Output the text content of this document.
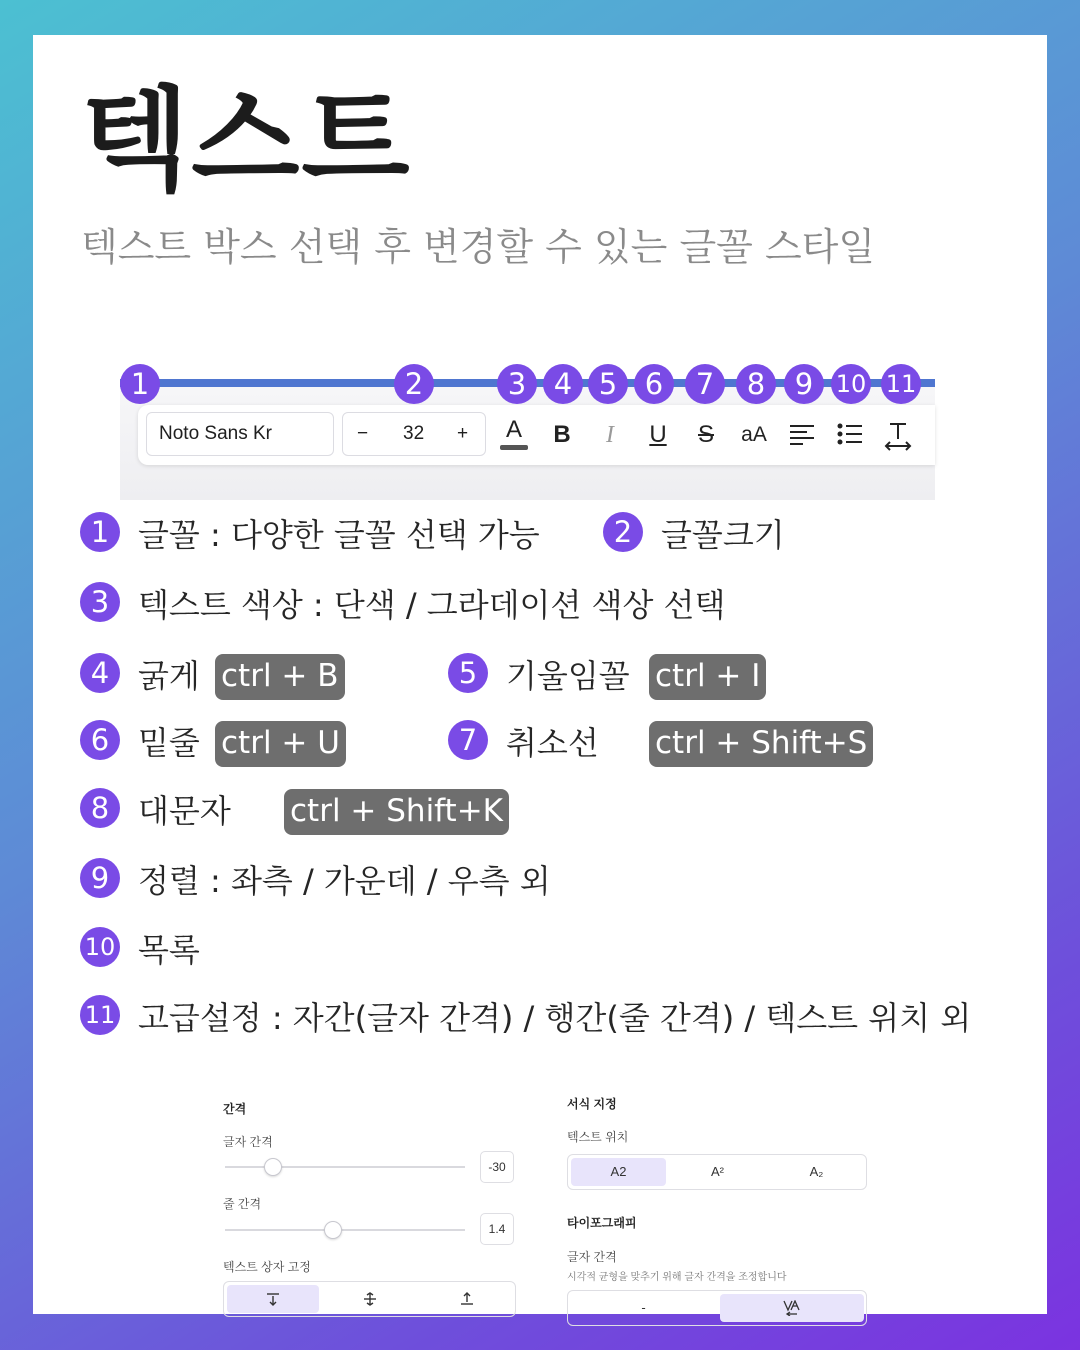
텍스트
텍스트 박스 선택 후 변경할 수 있는 글꼴 스타일
Noto Sans Kr	− 32 +	A	B	I	U	S	aA
1	2	3 4 5 6	7	8	9 10 11
1 글꼴 : 다양한 글꼴 선택 가능	2 글꼴크기
3 텍스트 색상 : 단색 / 그라데이션 색상 선택
4 굵게 ctrl + B	5 기울임꼴 ctrl + I
6 밑줄 ctrl + U	7 취소선 ctrl + Shift+S
8 대문자 ctrl + Shift+K
9 정렬 : 좌측 / 가운데 / 우측 외
10 목록
11 고급설정 : 자간(글자 간격) / 행간(줄 간격) / 텍스트 위치 외
간격
글자 간격
-30
줄 간격
1.4
텍스트 상자 고정
서식 지정
텍스트 위치
A2	A²	A₂
타이포그래피
글자 간격
시각적 균형을 맞추기 위해 글자 간격을 조정합니다
-
